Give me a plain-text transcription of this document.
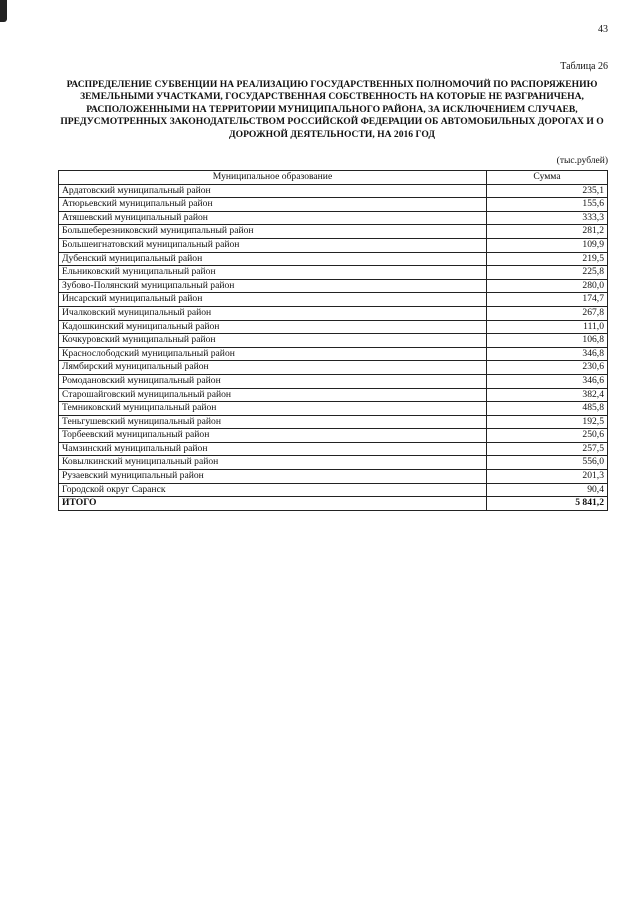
43
Таблица 26
РАСПРЕДЕЛЕНИЕ СУБВЕНЦИИ НА РЕАЛИЗАЦИЮ ГОСУДАРСТВЕННЫХ ПОЛНОМОЧИЙ ПО РАСПОРЯЖЕНИЮ ЗЕМЕЛЬНЫМИ УЧАСТКАМИ, ГОСУДАРСТВЕННАЯ СОБСТВЕННОСТЬ НА КОТОРЫЕ НЕ РАЗГРАНИЧЕНА, РАСПОЛОЖЕННЫМИ НА ТЕРРИТОРИИ МУНИЦИПАЛЬНОГО РАЙОНА, ЗА ИСКЛЮЧЕНИЕМ СЛУЧАЕВ, ПРЕДУСМОТРЕННЫХ ЗАКОНОДАТЕЛЬСТВОМ РОССИЙСКОЙ ФЕДЕРАЦИИ ОБ АВТОМОБИЛЬНЫХ ДОРОГАХ И О ДОРОЖНОЙ ДЕЯТЕЛЬНОСТИ, НА 2016 ГОД
(тыс.рублей)
Муниципальное образование	Сумма
Ардатовский муниципальный район	235,1
Атюрьевский муниципальный район	155,6
Атяшевский муниципальный район	333,3
Большеберезниковский муниципальный район	281,2
Большеигнатовский муниципальный район	109,9
Дубенский муниципальный район	219,5
Ельниковский муниципальный район	225,8
Зубово-Полянский муниципальный район	280,0
Инсарский муниципальный район	174,7
Ичалковский муниципальный район	267,8
Кадошкинский муниципальный район	111,0
Кочкуровский муниципальный район	106,8
Краснослободский муниципальный район	346,8
Лямбирский муниципальный район	230,6
Ромодановский муниципальный район	346,6
Старошайговский муниципальный район	382,4
Темниковский муниципальный район	485,8
Теньгушевский муниципальный район	192,5
Торбеевский муниципальный район	250,6
Чамзинский муниципальный район	257,5
Ковылкинский муниципальный район	556,0
Рузаевский муниципальный район	201,3
Городской округ Саранск	90,4
ИТОГО	5 841,2
